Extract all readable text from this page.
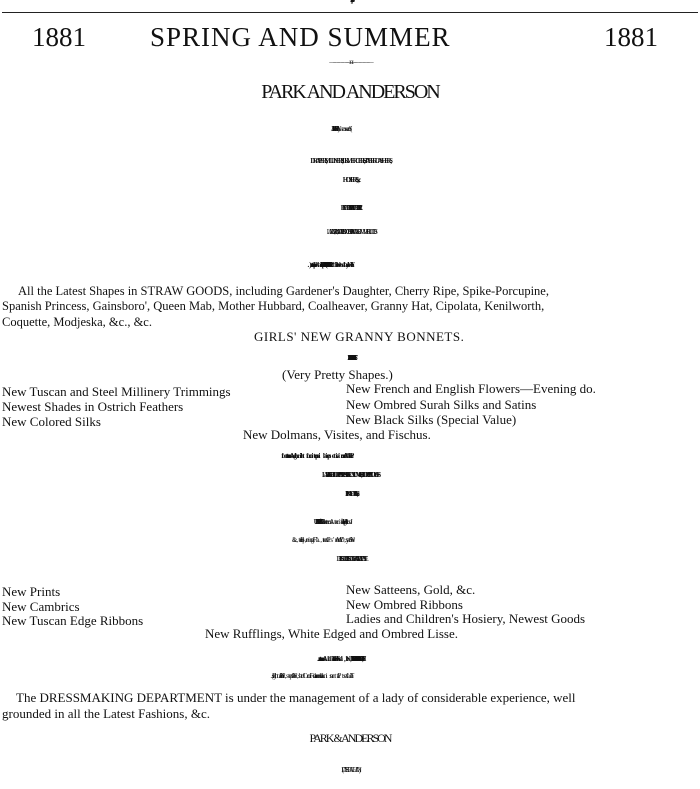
1881 SPRING AND SUMMER	1881
—————— : o : ——————
PARK AND ANDERSON
DRAPERS, MILLINERS, SILK MERCERS, HABERDASHERS,
HOSIERS, &c.,
RESPECTFULLY INVITE SPECIAL ATTENTION TO THEIR
LARGE, NEW, AND VARIED STOCK OF SPRING AND SUMMER GOODS.
All the Latest Shapes in STRAW GOODS, including Gardener's Daughter, Cherry Ripe, Spike-Porcupine,
Spanish Princess, Gainsboro', Queen Mab, Mother Hubbard, Coalheaver, Granny Hat, Cipolata, Kenilworth,
Coquette, Modjeska, &c., &c.
GIRLS' NEW GRANNY BONNETS.
SPECIAL NOVELTIES IN SUN HATS AND BONNETS.
(Very Pretty Shapes.)
New Tuscan and Steel Millinery Trimmings
Newest Shades in Ostrich Feathers
New Colored Silks
New French and English Flowers—Evening do.
New Ombred Surah Silks and Satins
New Black Silks (Special Value)
New Dolmans, Visites, and Fischus.
LADIES & CHILDREN'S DRESSES & COSTUMES, CHILDREN'S BLOUSES
PINAFORES, &c.
DRESS GOODS. DRESS GOODS. NEW AND INEXPENSIVE.
New Prints
New Cambrics
New Tuscan Edge Ribbons
New Satteens, Gold, &c.
New Ombred Ribbons
Ladies and Children's Hosiery, Newest Goods
New Rufflings, White Edged and Ombred Lisse.
The DRESSMAKING DEPARTMENT is under the management of a lady of considerable experience, well
grounded in all the Latest Fashions, &c.
PARK & ANDERSON
(LATE STRACHAN)
